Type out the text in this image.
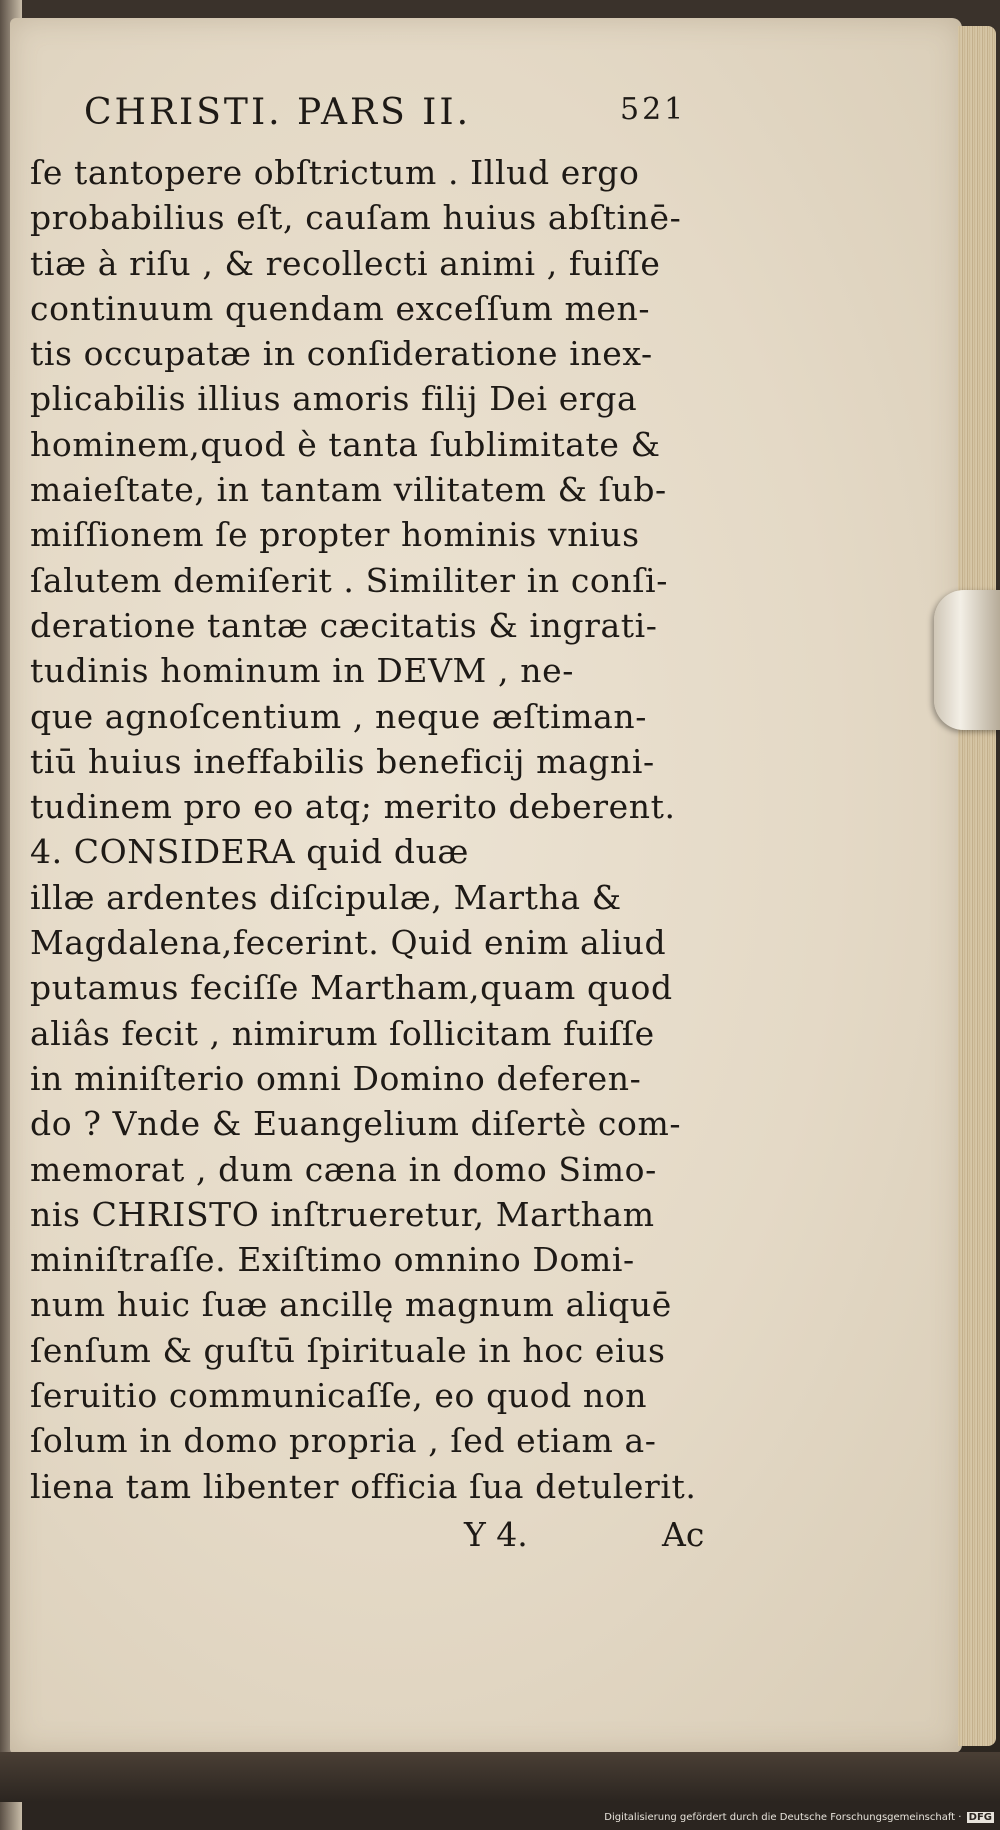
CHRISTI. PARS II.	521
ſe tantopere obſtrictum . Illud ergo
probabilius eſt, cauſam huius abſtinē-
tiæ à riſu , & recollecti animi , fuiſſe
continuum quendam exceſſum men-
tis occupatæ in conſideratione inex-
plicabilis illius amoris filij Dei erga
hominem,quod è tanta ſublimitate &
maieſtate, in tantam vilitatem & ſub-
miſſionem ſe propter hominis vnius
ſalutem demiſerit . Similiter in conſi-
deratione tantæ cæcitatis & ingrati-
tudinis hominum in DEVM , ne-
que agnoſcentium , neque æſtiman-
tiū huius ineffabilis beneficij magni-
tudinem pro eo atq; merito deberent.
4. CONSIDERA quid duæ
illæ ardentes diſcipulæ, Martha &
Magdalena,fecerint. Quid enim aliud
putamus feciſſe Martham,quam quod
aliâs fecit , nimirum ſollicitam fuiſſe
in miniſterio omni Domino deferen-
do ? Vnde & Euangelium diſertè com-
memorat , dum cæna in domo Simo-
nis CHRISTO inſtrueretur, Martham
miniſtraſſe. Exiſtimo omnino Domi-
num huic ſuæ ancillę magnum aliquē
ſenſum & guſtū ſpirituale in hoc eius
ſeruitio communicaſſe, eo quod non
ſolum in domo propria , ſed etiam a-
liena tam libenter officia ſua detulerit.
Y 4.	Ac
Digitalisierung gefördert durch die Deutsche Forschungsgemeinschaft · DFG
